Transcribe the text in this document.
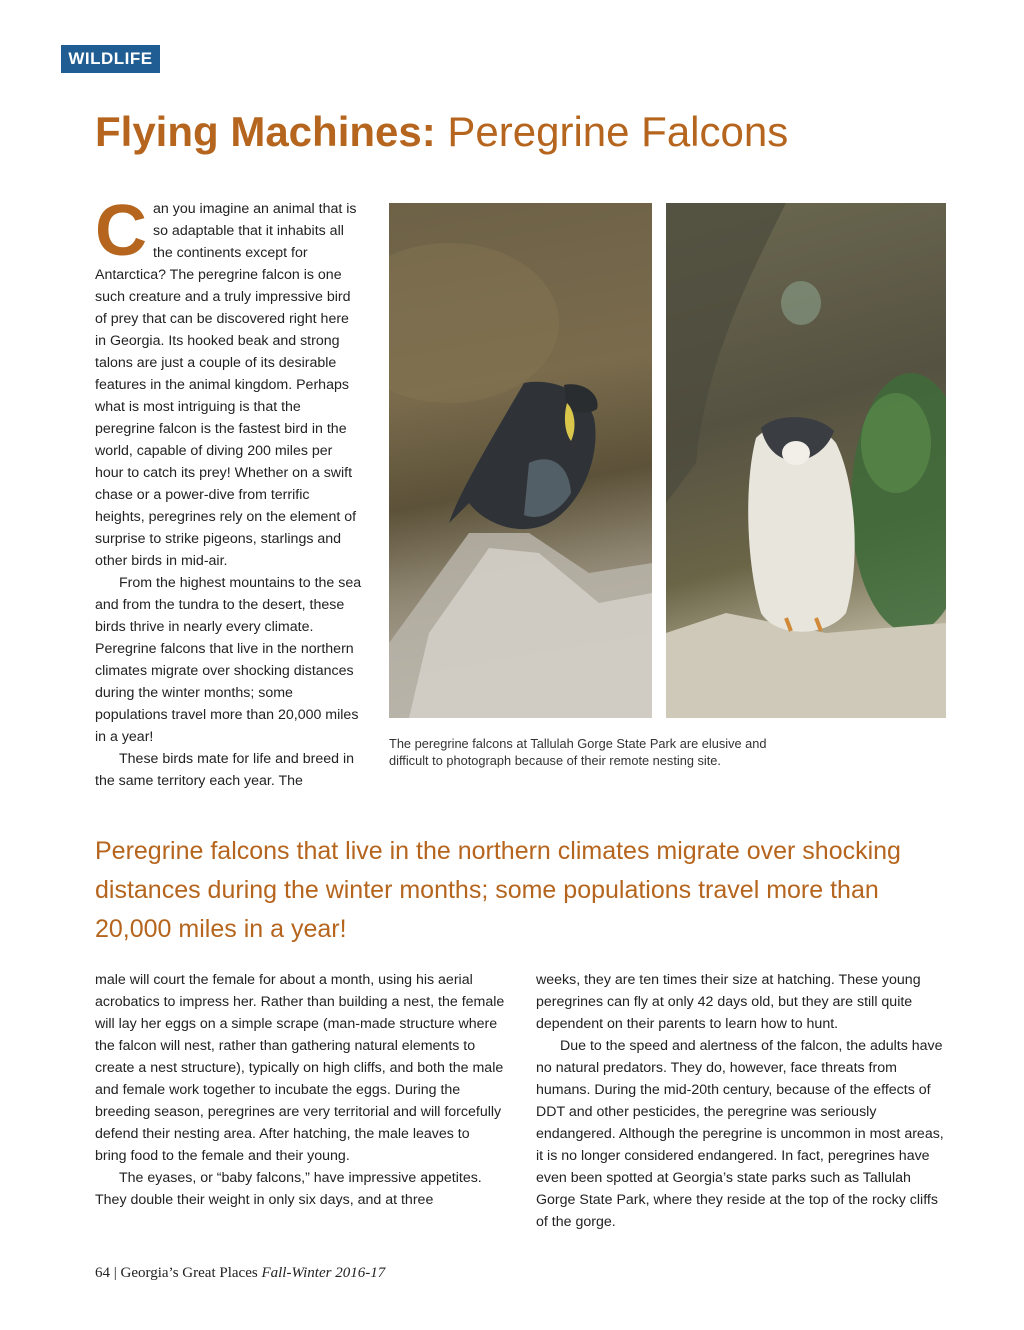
WILDLIFE
Flying Machines: Peregrine Falcons

Can you imagine an animal that is so adaptable that it inhabits all the continents except for Antarctica? The peregrine falcon is one such creature and a truly impressive bird of prey that can be discovered right here in Georgia. Its hooked beak and strong talons are just a couple of its desirable features in the animal kingdom. Perhaps what is most intriguing is that the peregrine falcon is the fastest bird in the world, capable of diving 200 miles per hour to catch its prey! Whether on a swift chase or a power-dive from terrific heights, peregrines rely on the element of surprise to strike pigeons, starlings and other birds in mid-air.

From the highest mountains to the sea and from the tundra to the desert, these birds thrive in nearly every climate. Peregrine falcons that live in the northern climates migrate over shocking distances during the winter months; some populations travel more than 20,000 miles in a year!

These birds mate for life and breed in the same territory each year. The

The peregrine falcons at Tallulah Gorge State Park are elusive and difficult to photograph because of their remote nesting site.

Peregrine falcons that live in the northern climates migrate over shocking distances during the winter months; some populations travel more than 20,000 miles in a year!

male will court the female for about a month, using his aerial acrobatics to impress her. Rather than building a nest, the female will lay her eggs on a simple scrape (man-made structure where the falcon will nest, rather than gathering natural elements to create a nest structure), typically on high cliffs, and both the male and female work together to incubate the eggs. During the breeding season, peregrines are very territorial and will forcefully defend their nesting area. After hatching, the male leaves to bring food to the female and their young.

The eyases, or “baby falcons,” have impressive appetites. They double their weight in only six days, and at three

weeks, they are ten times their size at hatching. These young peregrines can fly at only 42 days old, but they are still quite dependent on their parents to learn how to hunt.

Due to the speed and alertness of the falcon, the adults have no natural predators. They do, however, face threats from humans. During the mid-20th century, because of the effects of DDT and other pesticides, the peregrine was seriously endangered. Although the peregrine is uncommon in most areas, it is no longer considered endangered. In fact, peregrines have even been spotted at Georgia’s state parks such as Tallulah Gorge State Park, where they reside at the top of the rocky cliffs of the gorge.

64 | Georgia’s Great Places Fall-Winter 2016-17
